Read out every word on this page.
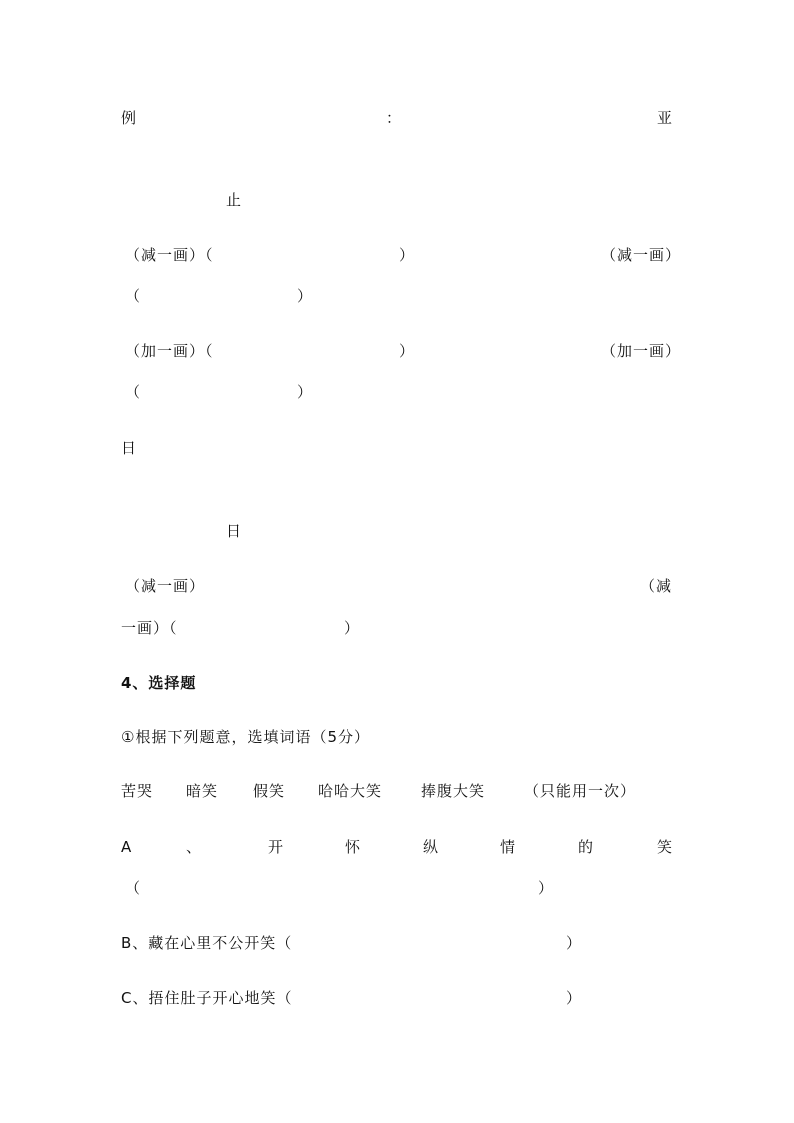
例	：	亚
止
（减一画）（	）	（减一画）
（	）
（加一画）（	）	（加一画）
（	）
日
日
（减一画）	（减
一画）（	）
4、选择题
①根据下列题意，选填词语（5分）
苦哭 暗笑 假笑 哈哈大笑	捧腹大笑	（只能用一次）
A	、	开	怀	纵	情	的	笑
（	）
B、藏在心里不公开笑（	）
C、捂住肚子开心地笑（	）
